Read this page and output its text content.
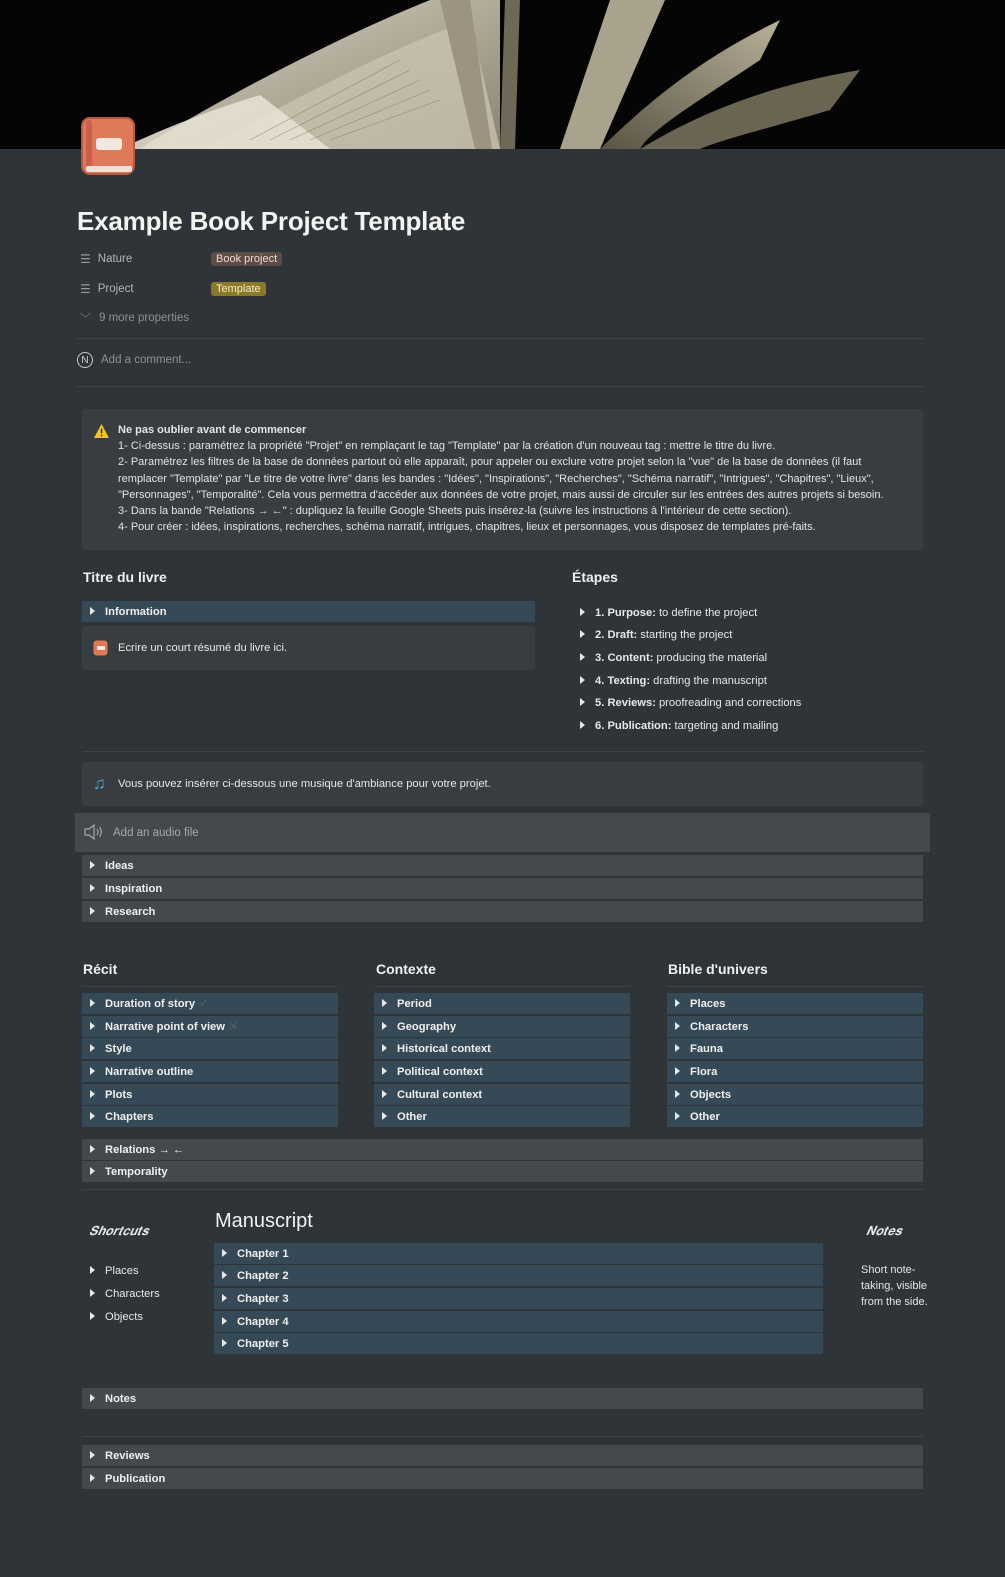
Example Book Project Template
☰ Nature	Book project
☰ Project	Template
﹀ 9 more properties
N	Add a comment...
Ne pas oublier avant de commencer
1- Ci-dessus : paramétrez la propriété "Projet" en remplaçant le tag "Template" par la création d'un nouveau tag : mettre le titre du livre.
2- Paramétrez les filtres de la base de données partout où elle apparaît, pour appeler ou exclure votre projet selon la "vue" de la base de données (il faut remplacer "Template" par "Le titre de votre livre" dans les bandes : "Idées", "Inspirations", "Recherches", "Schéma narratif", "Intrigues", "Chapitres", "Lieux", "Personnages", "Temporalité". Cela vous permettra d'accéder aux données de votre projet, mais aussi de circuler sur les entrées des autres projets si besoin.
3- Dans la bande "Relations → ←" : dupliquez la feuille Google Sheets puis insérez-la (suivre les instructions à l'intérieur de cette section).
4- Pour créer : idées, inspirations, recherches, schéma narratif, intrigues, chapitres, lieux et personnages, vous disposez de templates pré-faits.
Titre du livre
Information
Ecrire un court résumé du livre ici.
Étapes
1. Purpose: to define the project
2. Draft: starting the project
3. Content: producing the material
4. Texting: drafting the manuscript
5. Reviews: proofreading and corrections
6. Publication: targeting and mailing
♫ Vous pouvez insérer ci-dessous une musique d'ambiance pour votre projet.
Add an audio file
Ideas
Inspiration
Research
Récit	Contexte	Bible d'univers
Duration of story ✓
Narrative point of view ✕
Style
Narrative outline
Plots
Chapters
Period
Geography
Historical context
Political context
Cultural context
Other
Places
Characters
Fauna
Flora
Objects
Other
Relations → ←
Temporality
𝑺𝒉𝒐𝒓𝒕𝒄𝒖𝒕𝒔
Places
Characters
Objects
Manuscript
Chapter 1
Chapter 2
Chapter 3
Chapter 4
Chapter 5
𝑵𝒐𝒕𝒆𝒔
Short note-taking, visible from the side.
Notes
Reviews
Publication
